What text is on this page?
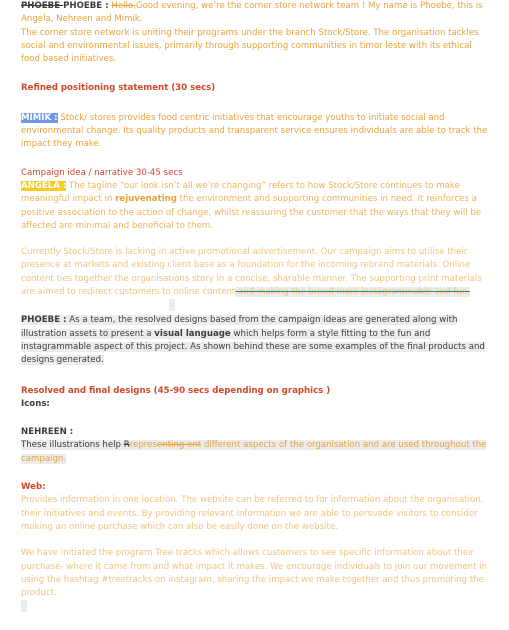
PHOEBE PHOEBE : Hello,Good evening, we’re the corner store network team ! My name is Phoebe, this is Angela, Nehreen and Mimik.

The corner store network is uniting their programs under the branch Stock/Store. The organisation tackles social and environmental issues, primarily through supporting communities in timor leste with its ethical food based initiatives.

Refined positioning statement (30 secs)

MIMIK : Stock/ stores provides food centric initiatives that encourage youths to initiate social and environmental change. Its quality products and transparent service ensures individuals are able to track the impact they make.

Campaign idea / narrative 30-45 secs

ANGELA : The tagline “our look isn’t all we’re changing” refers to how Stock/Store continues to make meaningful impact in rejuvenating the environment and supporting communities in need. It reinforces a positive association to the action of change, whilst reassuring the customer that the ways that they will be affected are minimal and beneficial to them.

Currently Stock/Store is lacking in active promotional advertisement. Our campaign aims to utilise their presence at markets and existing client base as a foundation for the incoming rebrand materials. Online content ties together the organisations story in a concise, sharable manner. The supporting print materials are aimed to redirect customers to online content and making the brand more instagrammable and fun.

PHOEBE : As a team, the resolved designs based from the campaign ideas are generated along with illustration assets to present a visual language which helps form a style fitting to the fun and instagrammable aspect of this project. As shown behind these are some examples of the final products and designs generated.

Resolved and final designs (45-90 secs depending on graphics )

Icons:

NEHREEN :

These illustrations help Rrepresenting ent different aspects of the organisation and are used throughout the campaign.

Web:

Provides information in one location. The website can be referred to for information about the organisation, their initiatives and events. By providing relevant information we are able to persuade visitors to consider making an online purchase which can also be easily done on the website.

We have initiated the program Tree tracks which allows customers to see specific information about their purchase- where it came from and what impact it makes. We encourage individuals to join our movement in using the hashtag #treetracks on instagram, sharing the impact we make together and thus promoting the product.
